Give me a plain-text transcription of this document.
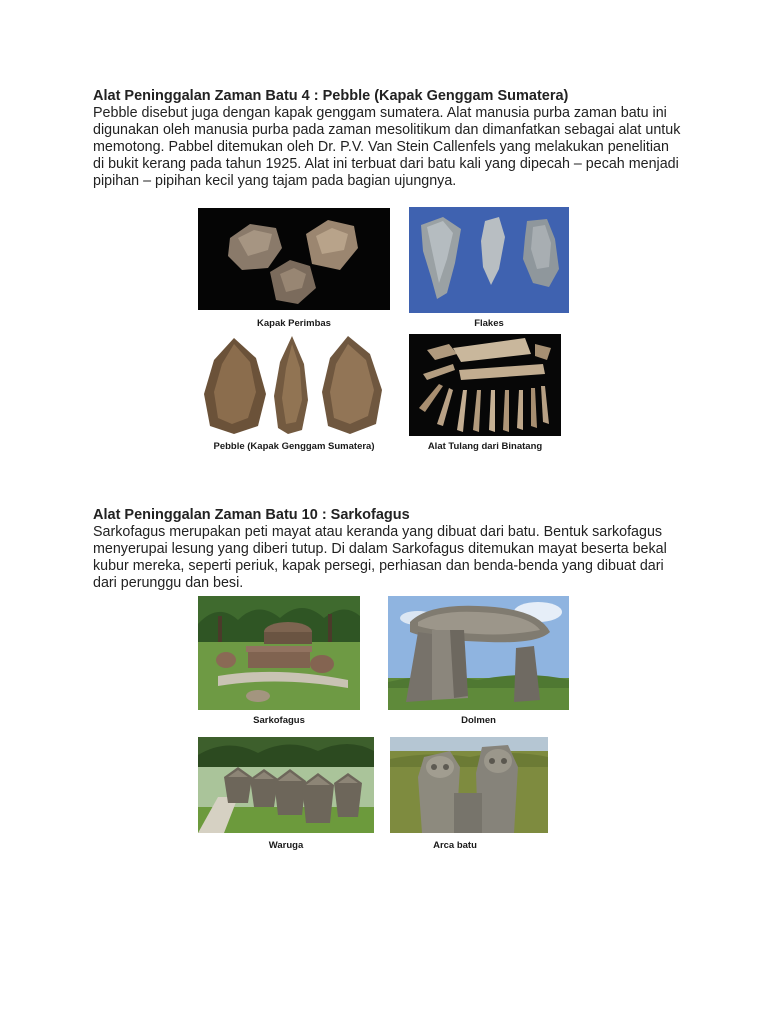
Alat Peninggalan Zaman Batu 4 : Pebble (Kapak Genggam Sumatera)

Pebble disebut juga dengan kapak genggam sumatera. Alat manusia purba zaman batu ini digunakan oleh manusia purba pada zaman mesolitikum dan dimanfatkan sebagai alat untuk memotong. Pabbel ditemukan oleh Dr. P.V. Van Stein Callenfels yang melakukan penelitian di bukit kerang pada tahun 1925. Alat ini terbuat dari batu kali yang dipecah – pecah menjadi pipihan – pipihan kecil yang tajam pada bagian ujungnya.

Kapak Perimbas	Flakes
Pebble (Kapak Genggam Sumatera)	Alat Tulang dari Binatang

Alat Peninggalan Zaman Batu 10 : Sarkofagus

Sarkofagus merupakan peti mayat atau keranda yang dibuat dari batu. Bentuk sarkofagus menyerupai lesung yang diberi tutup. Di dalam Sarkofagus ditemukan mayat beserta bekal kubur mereka, seperti periuk, kapak persegi, perhiasan dan benda-benda yang dibuat dari dari perunggu dan besi.

Sarkofagus	Dolmen
Waruga	Arca batu
